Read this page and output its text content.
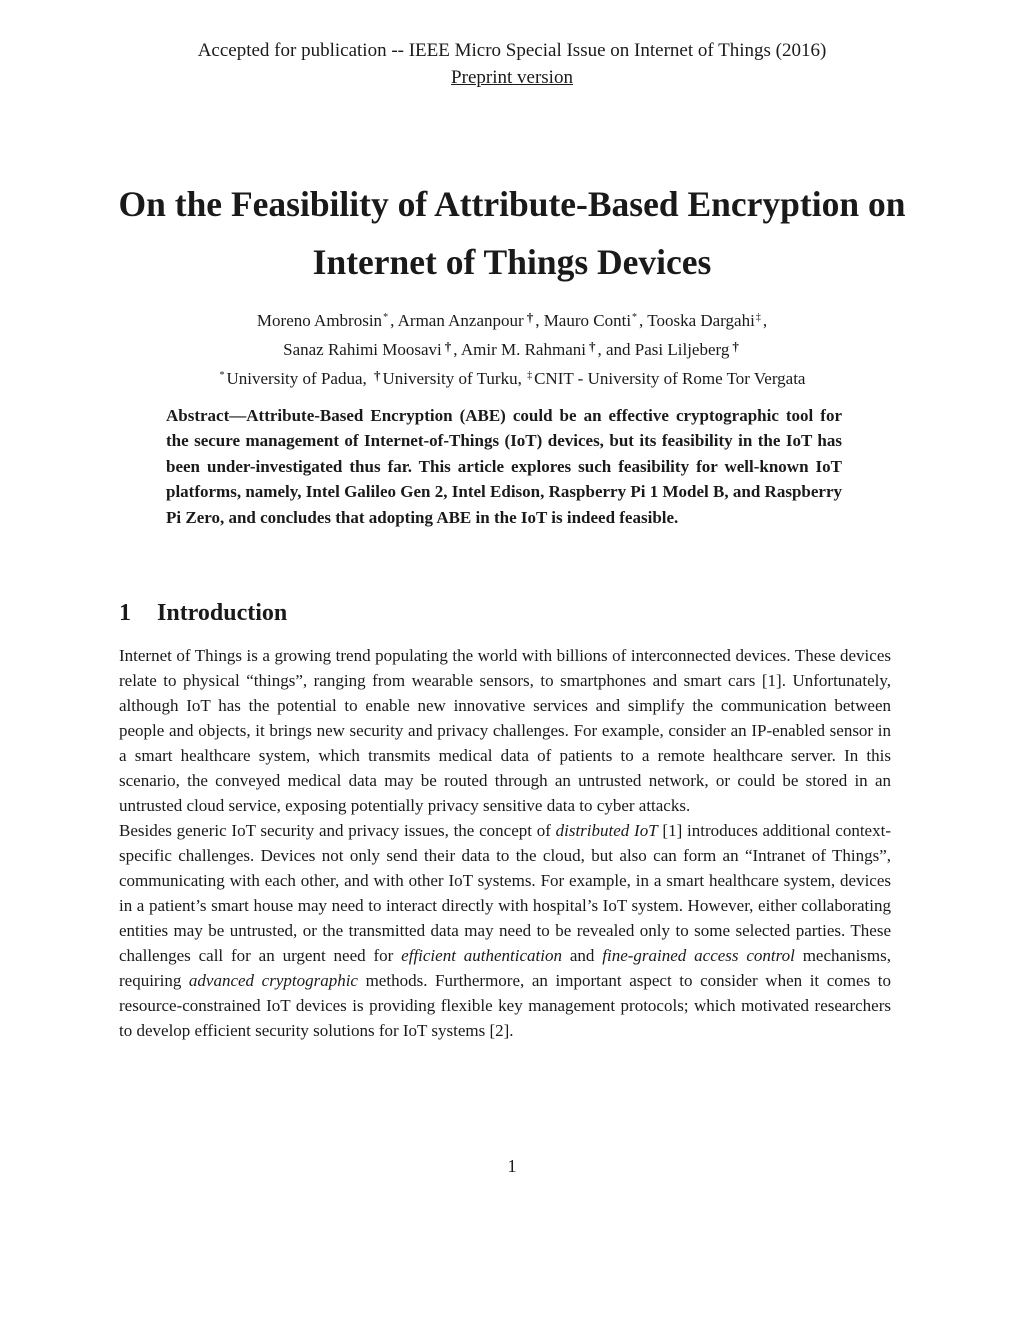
Accepted for publication -- IEEE Micro Special Issue on Internet of Things (2016)
Preprint version
On the Feasibility of Attribute-Based Encryption on
Internet of Things Devices
Moreno Ambrosin* , Arman Anzanpour † , Mauro Conti* , Tooska Dargahi‡ ,
Sanaz Rahimi Moosavi † , Amir M. Rahmani † , and Pasi Liljeberg †
* University of Padua, † University of Turku, ‡ CNIT - University of Rome Tor Vergata
Abstract—Attribute-Based Encryption (ABE) could be an effective cryptographic tool for the secure management of Internet-of-Things (IoT) devices, but its feasibility in the IoT has been under-investigated thus far. This article explores such feasibility for well-known IoT platforms, namely, Intel Galileo Gen 2, Intel Edison, Raspberry Pi 1 Model B, and Raspberry Pi Zero, and concludes that adopting ABE in the IoT is indeed feasible.
1 Introduction

Internet of Things is a growing trend populating the world with billions of interconnected devices. These devices relate to physical “things”, ranging from wearable sensors, to smartphones and smart cars [1]. Unfortunately, although IoT has the potential to enable new innovative services and simplify the communication between people and objects, it brings new security and privacy challenges. For example, consider an IP-enabled sensor in a smart healthcare system, which transmits medical data of patients to a remote healthcare server. In this scenario, the conveyed medical data may be routed through an untrusted network, or could be stored in an untrusted cloud service, exposing potentially privacy sensitive data to cyber attacks.

Besides generic IoT security and privacy issues, the concept of distributed IoT [1] introduces additional context-specific challenges. Devices not only send their data to the cloud, but also can form an “Intranet of Things”, communicating with each other, and with other IoT systems. For example, in a smart healthcare system, devices in a patient’s smart house may need to interact directly with hospital’s IoT system. However, either collaborating entities may be untrusted, or the transmitted data may need to be revealed only to some selected parties. These challenges call for an urgent need for efficient authentication and fine-grained access control mechanisms, requiring advanced cryptographic methods. Furthermore, an important aspect to consider when it comes to resource-constrained IoT devices is providing flexible key management protocols; which motivated researchers to develop efficient security solutions for IoT systems [2].

1
